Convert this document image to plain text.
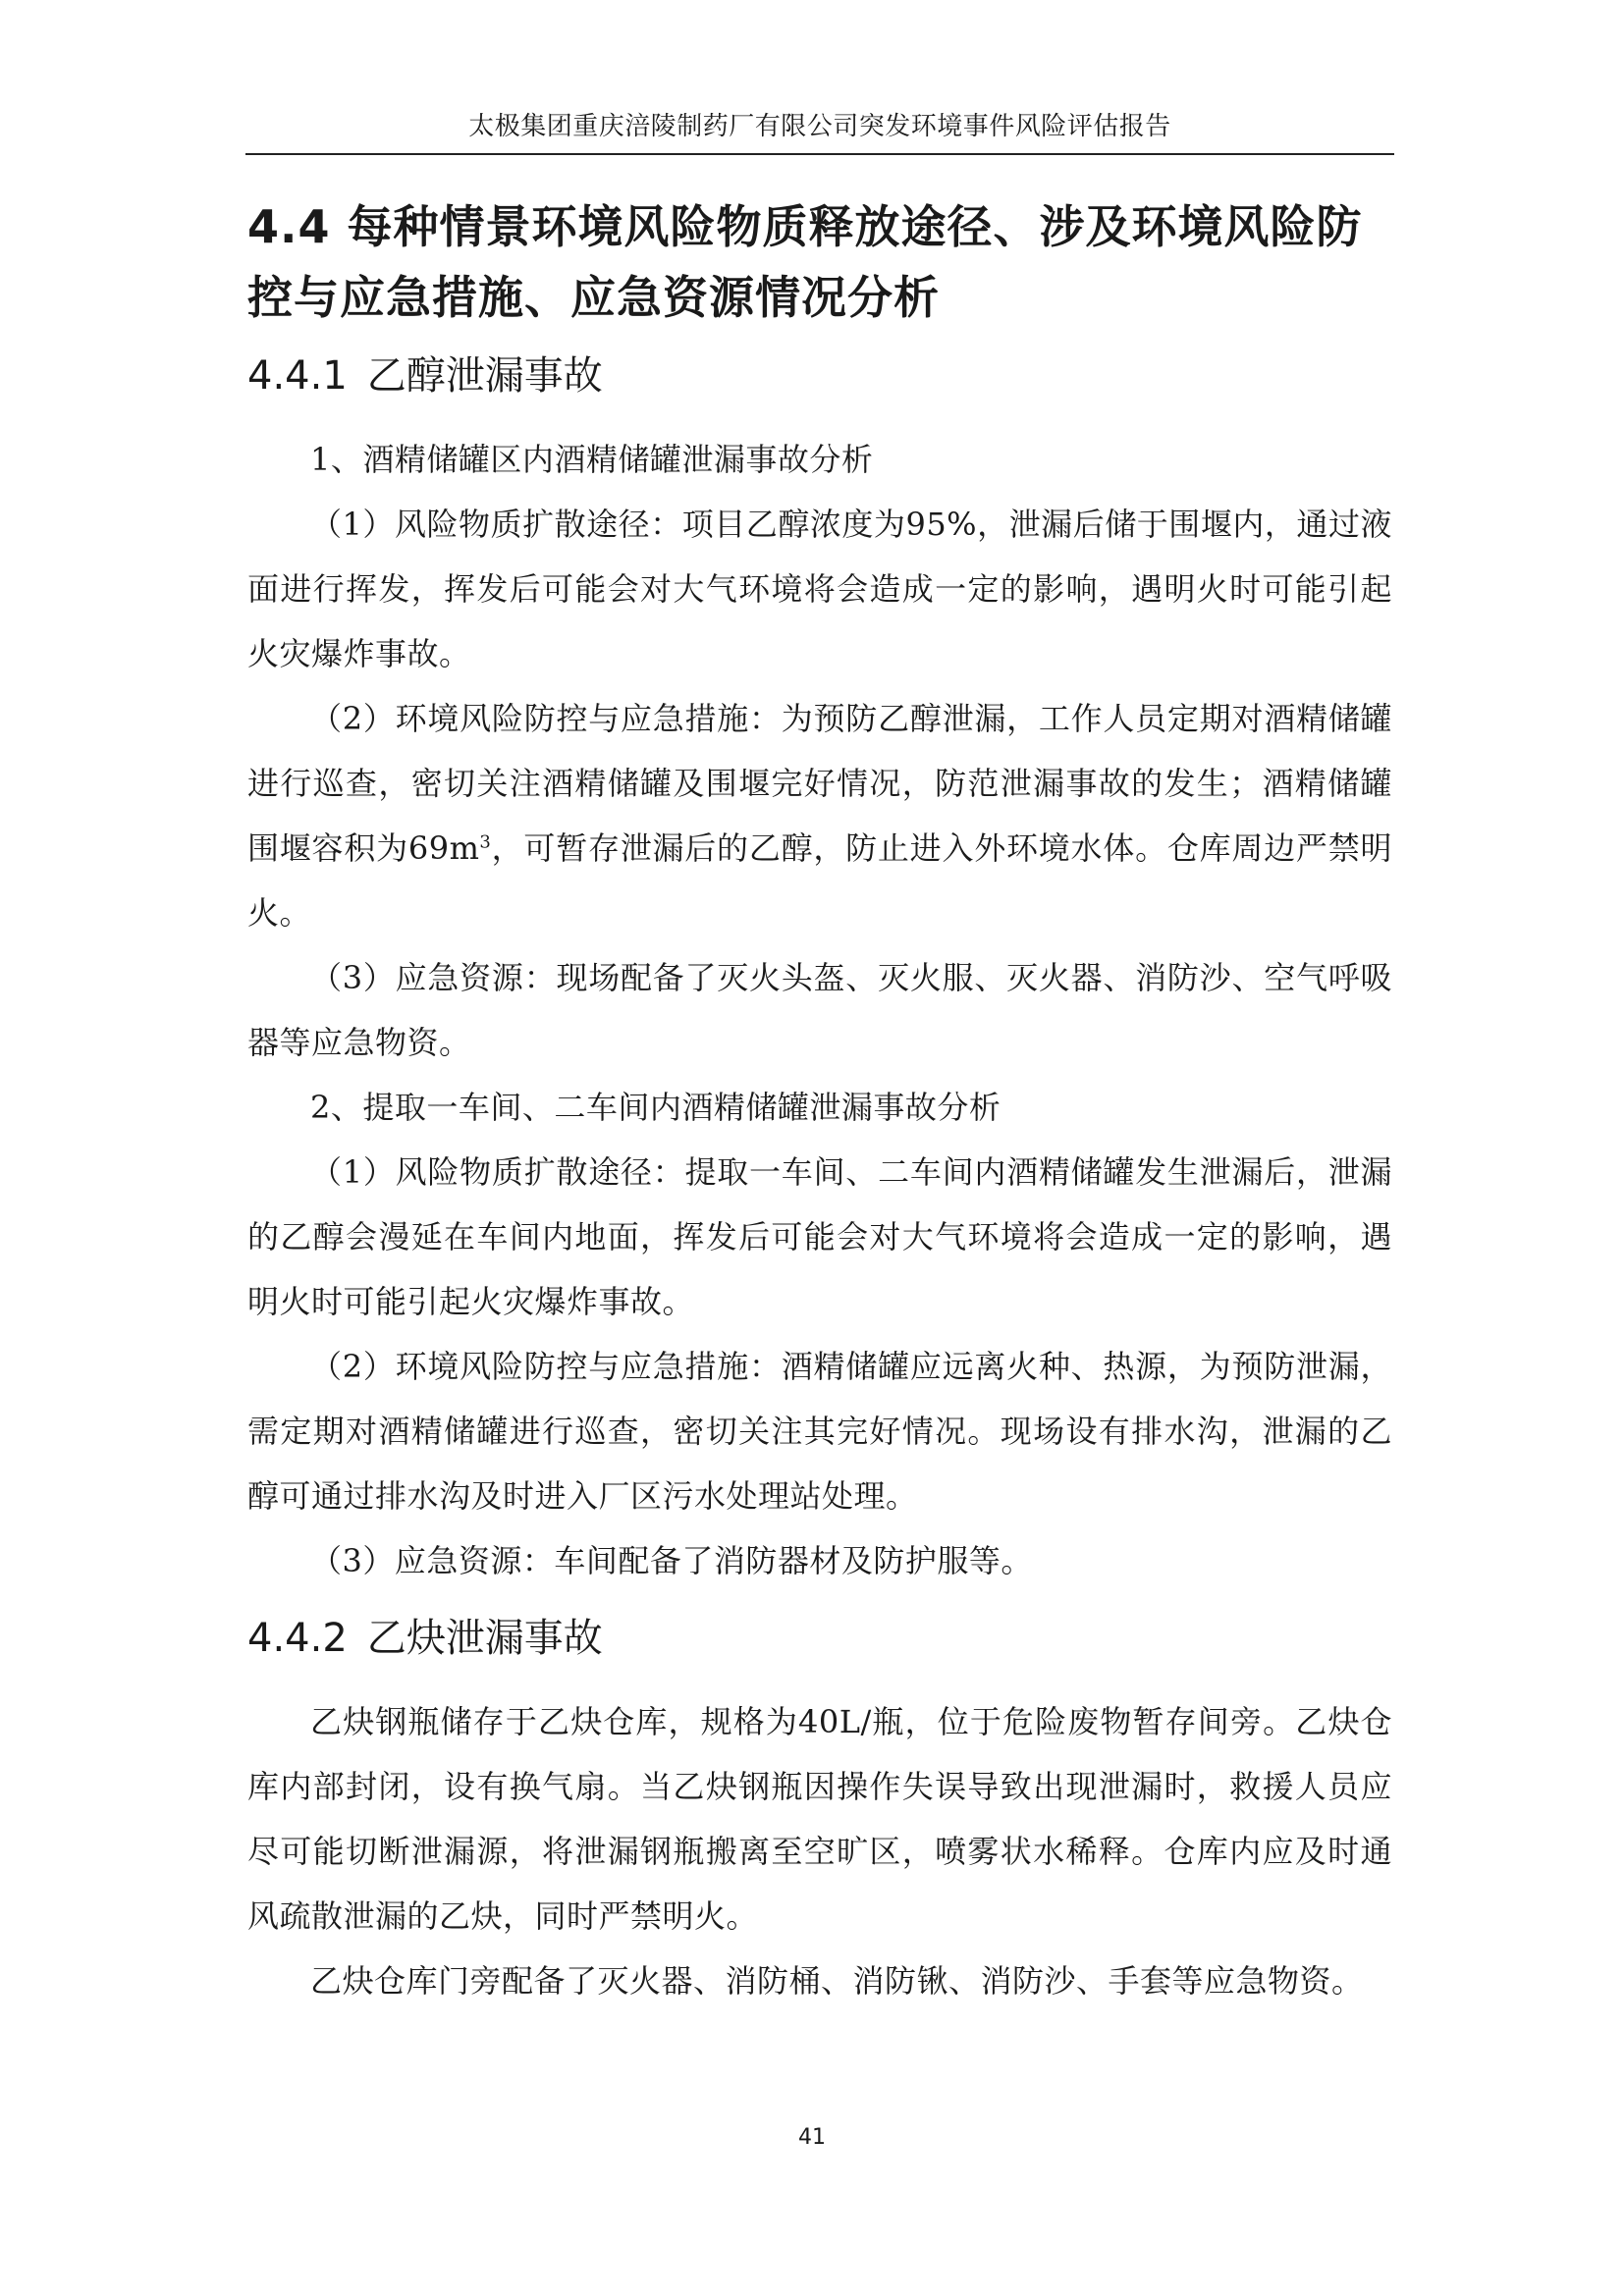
太极集团重庆涪陵制药厂有限公司突发环境事件风险评估报告
4.4 每种情景环境风险物质释放途径、涉及环境风险防控与应急措施、应急资源情况分析
4.4.1 乙醇泄漏事故

1、酒精储罐区内酒精储罐泄漏事故分析

（1）风险物质扩散途径：项目乙醇浓度为95%，泄漏后储于围堰内，通过液面进行挥发，挥发后可能会对大气环境将会造成一定的影响，遇明火时可能引起火灾爆炸事故。

（2）环境风险防控与应急措施：为预防乙醇泄漏，工作人员定期对酒精储罐进行巡查，密切关注酒精储罐及围堰完好情况，防范泄漏事故的发生；酒精储罐围堰容积为$69m^3$，可暂存泄漏后的乙醇，防止进入外环境水体。仓库周边严禁明火。

（3）应急资源：现场配备了灭火头盔、灭火服、灭火器、消防沙、空气呼吸器等应急物资。

2、提取一车间、二车间内酒精储罐泄漏事故分析

（1）风险物质扩散途径：提取一车间、二车间内酒精储罐发生泄漏后，泄漏的乙醇会漫延在车间内地面，挥发后可能会对大气环境将会造成一定的影响，遇明火时可能引起火灾爆炸事故。

（2）环境风险防控与应急措施：酒精储罐应远离火种、热源，为预防泄漏，需定期对酒精储罐进行巡查，密切关注其完好情况。现场设有排水沟，泄漏的乙醇可通过排水沟及时进入厂区污水处理站处理。

（3）应急资源：车间配备了消防器材及防护服等。

4.4.2 乙炔泄漏事故

乙炔钢瓶储存于乙炔仓库，规格为40L/瓶，位于危险废物暂存间旁。乙炔仓库内部封闭，设有换气扇。当乙炔钢瓶因操作失误导致出现泄漏时，救援人员应尽可能切断泄漏源，将泄漏钢瓶搬离至空旷区，喷雾状水稀释。仓库内应及时通风疏散泄漏的乙炔，同时严禁明火。

乙炔仓库门旁配备了灭火器、消防桶、消防锹、消防沙、手套等应急物资。

41
